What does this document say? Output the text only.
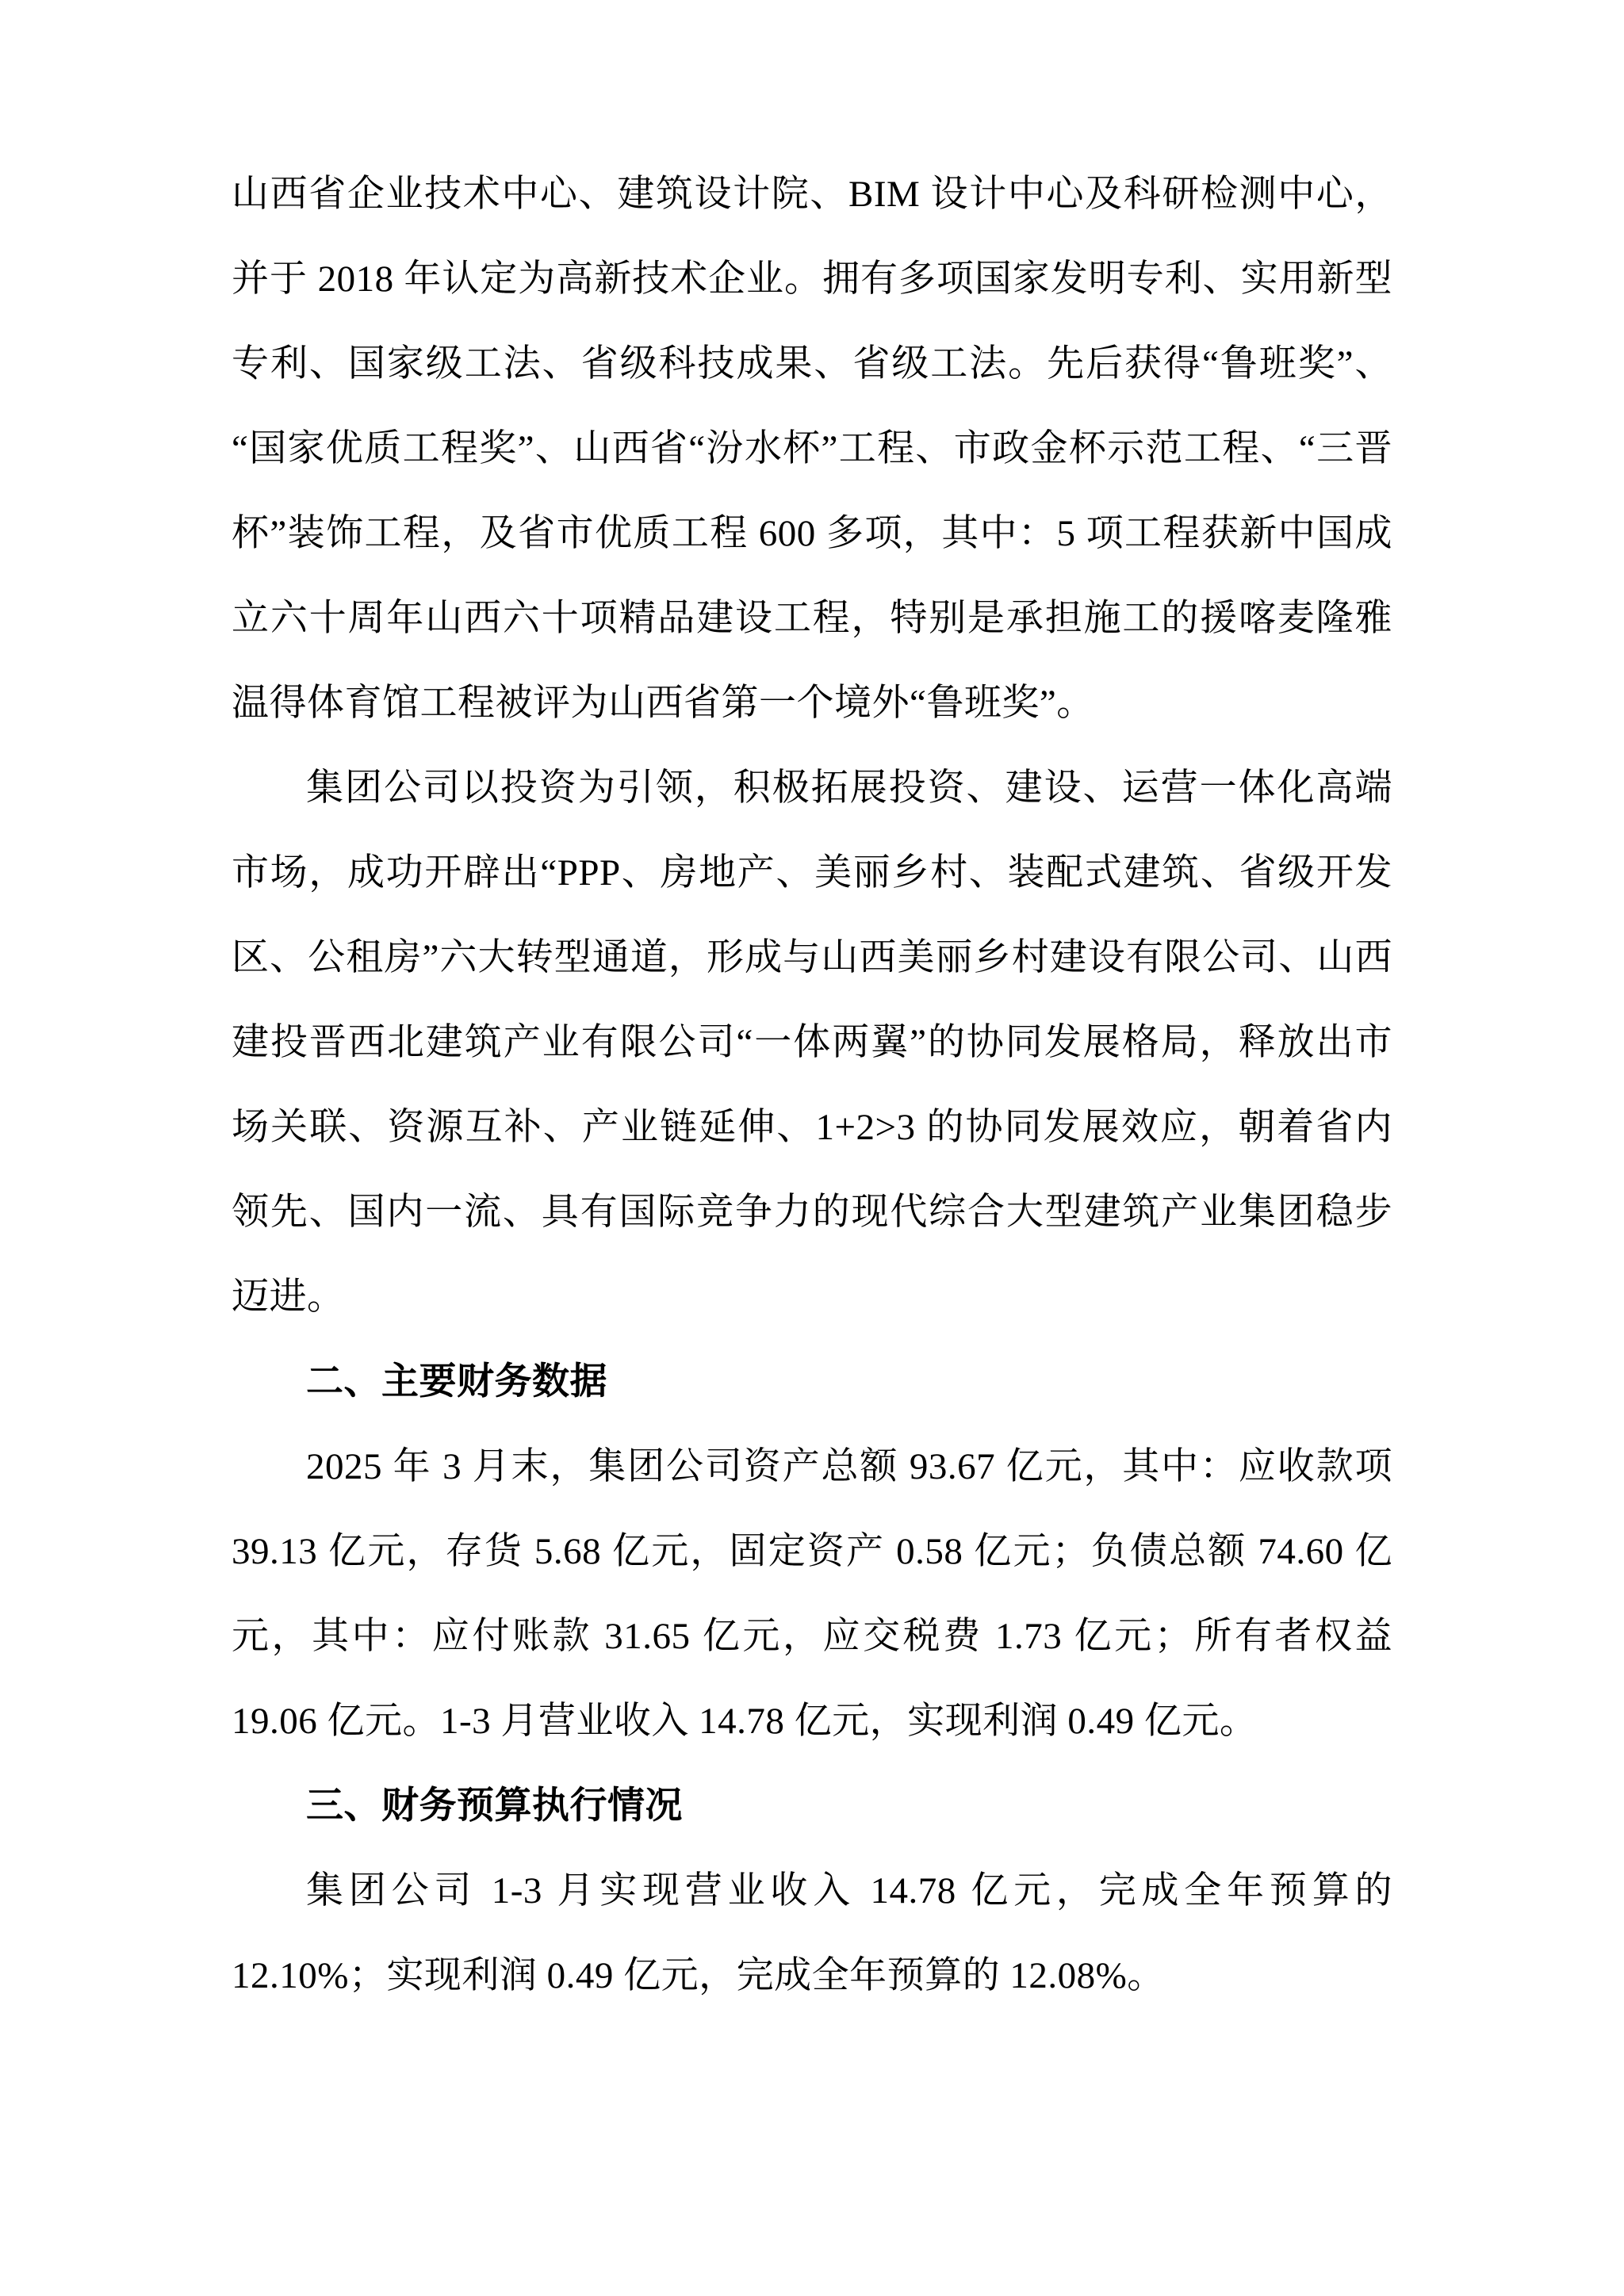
山西省企业技术中心、建筑设计院、BIM 设计中心及科研检测中心，并于 2018 年认定为高新技术企业。拥有多项国家发明专利、实用新型专利、国家级工法、省级科技成果、省级工法。先后获得“鲁班奖”、“国家优质工程奖”、山西省“汾水杯”工程、市政金杯示范工程、“三晋杯”装饰工程，及省市优质工程 600 多项，其中：5 项工程获新中国成立六十周年山西六十项精品建设工程，特别是承担施工的援喀麦隆雅温得体育馆工程被评为山西省第一个境外“鲁班奖”。

集团公司以投资为引领，积极拓展投资、建设、运营一体化高端市场，成功开辟出“PPP、房地产、美丽乡村、装配式建筑、省级开发区、公租房”六大转型通道，形成与山西美丽乡村建设有限公司、山西建投晋西北建筑产业有限公司“一体两翼”的协同发展格局，释放出市场关联、资源互补、产业链延伸、1+2>3 的协同发展效应，朝着省内领先、国内一流、具有国际竞争力的现代综合大型建筑产业集团稳步迈进。

二、主要财务数据

2025 年 3 月末，集团公司资产总额 93.67 亿元，其中：应收款项 39.13 亿元，存货 5.68 亿元，固定资产 0.58 亿元；负债总额 74.60 亿元，其中：应付账款 31.65 亿元，应交税费 1.73 亿元；所有者权益 19.06 亿元。1-3 月营业收入 14.78 亿元，实现利润 0.49 亿元。

三、财务预算执行情况

集团公司 1-3 月实现营业收入 14.78 亿元，完成全年预算的 12.10%；实现利润 0.49 亿元，完成全年预算的 12.08%。
